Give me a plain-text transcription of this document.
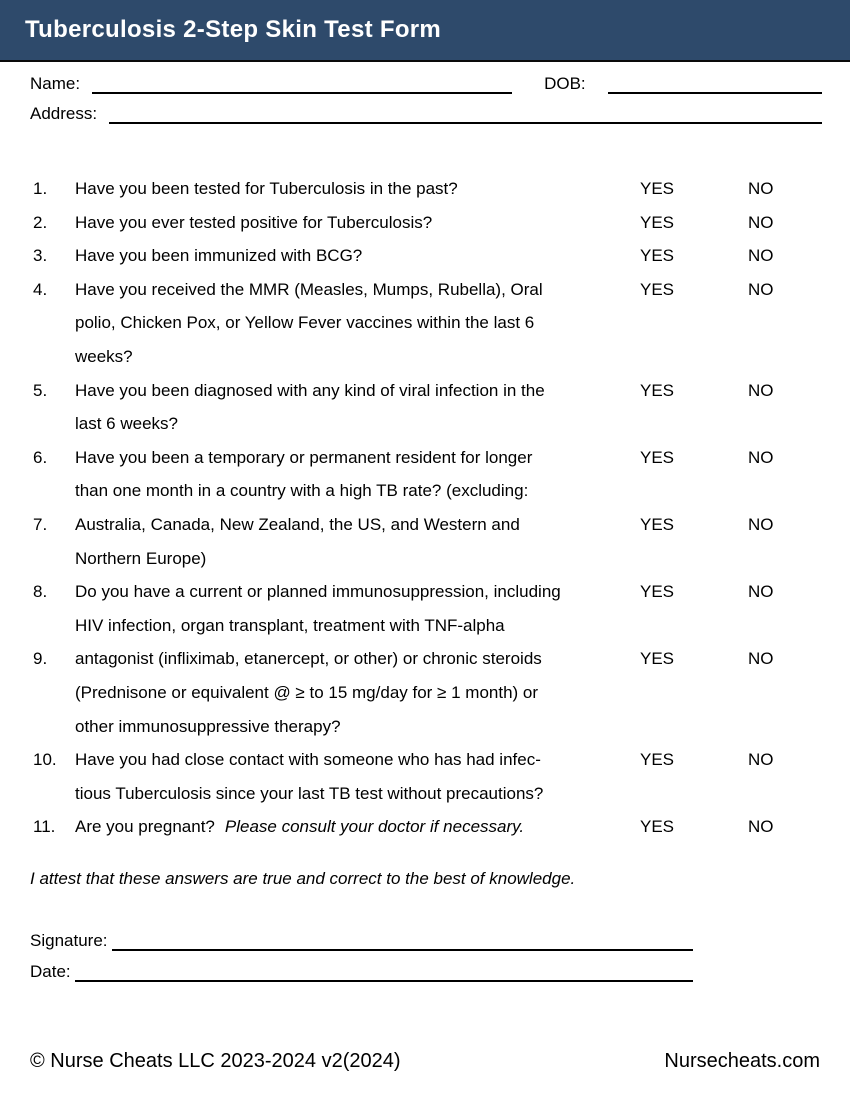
Tuberculosis 2-Step Skin Test Form
Name:	DOB:
Address:
1.	Have you been tested for Tuberculosis in the past?	YES	NO
2.	Have you ever tested positive for Tuberculosis?	YES	NO
3.	Have you been immunized with BCG?	YES	NO
4.	Have you received the MMR (Measles, Mumps, Rubella), Oral
polio, Chicken Pox, or Yellow Fever vaccines within the last 6
weeks?
YES	NO
5.	Have you been diagnosed with any kind of viral infection in the
last 6 weeks?
YES	NO
6.	Have you been a temporary or permanent resident for longer
than one month in a country with a high TB rate? (excluding:
YES	NO
7.	Australia, Canada, New Zealand, the US, and Western and
Northern Europe)
YES	NO
8.	Do you have a current or planned immunosuppression, including
HIV infection, organ transplant, treatment with TNF-alpha
YES	NO
9.	antagonist (infliximab, etanercept, or other) or chronic steroids
(Prednisone or equivalent @ ≥ to 15 mg/day for ≥ 1 month) or
other immunosuppressive therapy?
YES	NO
10.	Have you had close contact with someone who has had infec-
tious Tuberculosis since your last TB test without precautions?
YES	NO
11.	Are you pregnant? Please consult your doctor if necessary.	YES	NO
I attest that these answers are true and correct to the best of knowledge.
Signature:
Date:
© Nurse Cheats LLC 2023-2024 v2(2024)	Nursecheats.com
